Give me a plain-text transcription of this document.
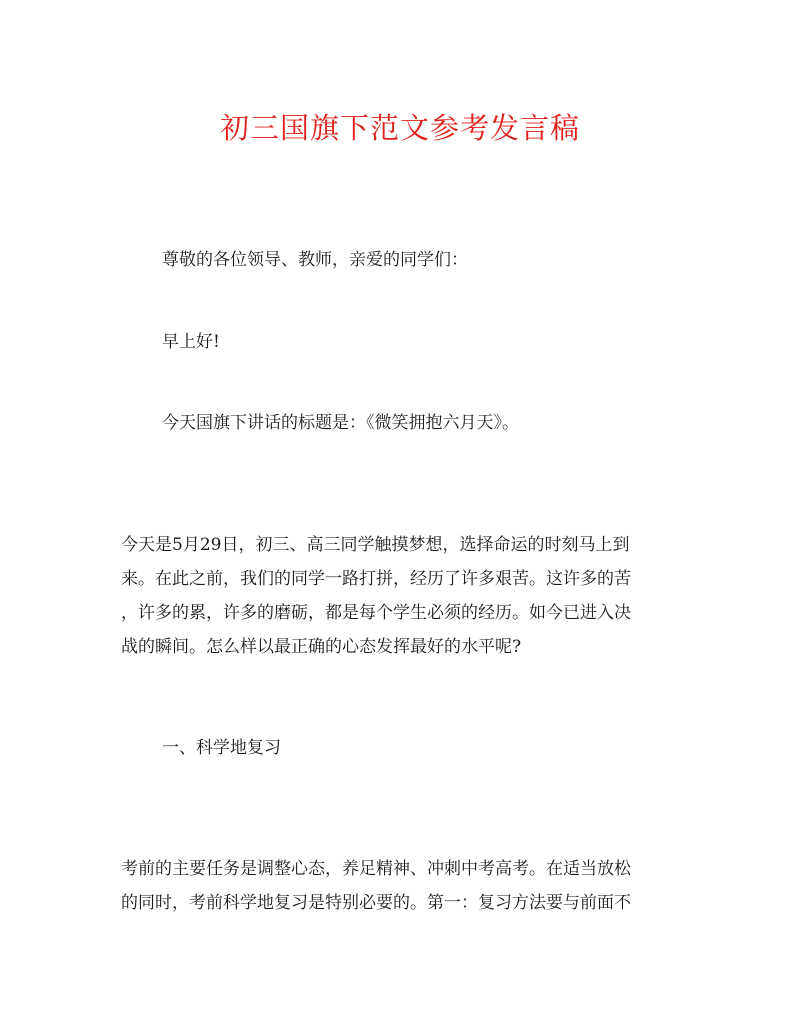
初三国旗下范文参考发言稿

尊敬的各位领导、教师，亲爱的同学们：

早上好!

今天国旗下讲话的标题是：《微笑拥抱六月天》。

今天是5月29日，初三、高三同学触摸梦想，选择命运的时刻马上到
来。在此之前，我们的同学一路打拼，经历了许多艰苦。这许多的苦
，许多的累，许多的磨砺，都是每个学生必须的经历。如今已进入决
战的瞬间。怎么样以最正确的心态发挥最好的水平呢?

一、科学地复习

考前的主要任务是调整心态，养足精神、冲刺中考高考。在适当放松
的同时，考前科学地复习是特别必要的。第一：复习方法要与前面不
